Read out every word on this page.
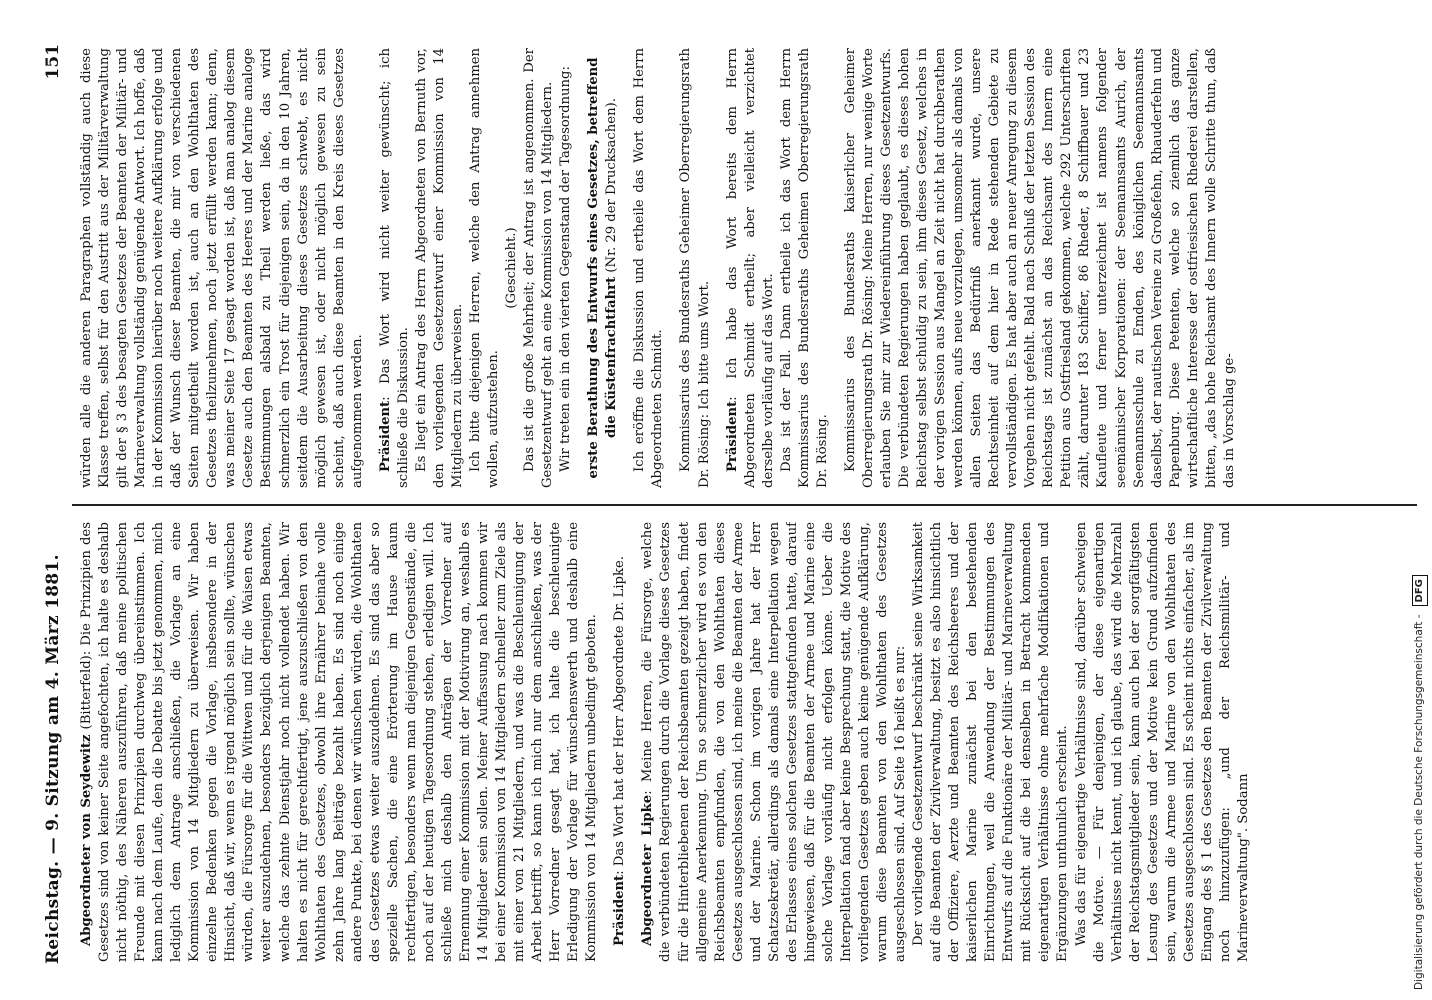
Reichstag. — 9. Sitzung am 4. März 1881.
151

Abgeordneter von Seydewitz (Bitterfeld): Die Prinzipien des Gesetzes sind von keiner Seite angefochten, ich halte es deshalb nicht nöthig, des Näheren auszuführen, daß meine politischen Freunde mit diesen Prinzipien durchweg übereinstimmen. Ich kann nach dem Laufe, den die Debatte bis jetzt genommen, mich lediglich dem Antrage anschließen, die Vorlage an eine Kommission von 14 Mitgliedern zu überweisen. Wir haben einzelne Bedenken gegen die Vorlage, insbesondere in der Hinsicht, daß wir, wenn es irgend möglich sein sollte, wünschen würden, die Fürsorge für die Wittwen und für die Waisen etwas weiter auszudehnen, besonders bezüglich derjenigen Beamten, welche das zehnte Dienstjahr noch nicht vollendet haben. Wir halten es nicht für gerechtfertigt, jene auszuschließen von den Wohlthaten des Gesetzes, obwohl ihre Ernährer beinahe volle zehn Jahre lang Beiträge bezahlt haben. Es sind noch einige andere Punkte, bei denen wir wünschen würden, die Wohlthaten des Gesetzes etwas weiter auszudehnen. Es sind das aber so spezielle Sachen, die eine Erörterung im Hause kaum rechtfertigen, besonders wenn man diejenigen Gegenstände, die noch auf der heutigen Tagesordnung stehen, erledigen will. Ich schließe mich deshalb den Anträgen der Vorredner auf Ernennung einer Kommission mit der Motivirung an, weshalb es 14 Mitglieder sein sollen. Meiner Auffassung nach kommen wir bei einer Kommission von 14 Mitgliedern schneller zum Ziele als mit einer von 21 Mitgliedern, und was die Beschleunigung der Arbeit betrifft, so kann ich mich nur dem anschließen, was der Herr Vorredner gesagt hat, ich halte die beschleunigte Erledigung der Vorlage für wünschenswerth und deshalb eine Kommission von 14 Mitgliedern unbedingt geboten. Präsident: Das Wort hat der Herr Abgeordnete Dr. Lipke. Abgeordneter Lipke: Meine Herren, die Fürsorge, welche die verbündeten Regierungen durch die Vorlage dieses Gesetzes für die Hinterbliebenen der Reichsbeamten gezeigt haben, findet allgemeine Anerkennung. Um so schmerzlicher wird es von den Reichsbeamten empfunden, die von den Wohlthaten dieses Gesetzes ausgeschlossen sind, ich meine die Beamten der Armee und der Marine. Schon im vorigen Jahre hat der Herr Schatzsekretär, allerdings als damals eine Interpellation wegen des Erlasses eines solchen Gesetzes stattgefunden hatte, darauf hingewiesen, daß für die Beamten der Armee und Marine eine solche Vorlage vorläufig nicht erfolgen könne. Ueber die Interpellation fand aber keine Besprechung statt, die Motive des vorliegenden Gesetzes geben auch keine genügende Aufklärung, warum diese Beamten von den Wohlthaten des Gesetzes ausgeschlossen sind. Auf Seite 16 heißt es nur: Der vorliegende Gesetzentwurf beschränkt seine Wirksamkeit auf die Beamten der Zivilverwaltung, besitzt es also hinsichtlich der Offiziere, Aerzte und Beamten des Reichsheeres und der kaiserlichen Marine zunächst bei den bestehenden Einrichtungen, weil die Anwendung der Bestimmungen des Entwurfs auf die Funktionäre der Militär- und Marineverwaltung mit Rücksicht auf die bei denselben in Betracht kommenden eigenartigen Verhältnisse ohne mehrfache Modifikationen und Ergänzungen unthunlich erscheint. Was das für eigenartige Verhältnisse sind, darüber schweigen die Motive. — Für denjenigen, der diese eigenartigen Verhältnisse nicht kennt, und ich glaube, das wird die Mehrzahl der Reichstagsmitglieder sein, kann auch bei der sorgfältigsten Lesung des Gesetzes und der Motive kein Grund aufzufinden sein, warum die Armee und Marine von den Wohlthaten des Gesetzes ausgeschlossen sind. Es scheint nichts einfacher, als im Eingang des § 1 des Gesetzes den Beamten der Zivilverwaltung noch hinzuzufügen: „und der Reichsmilitär- und Marineverwaltung". Sodann

würden alle die anderen Paragraphen vollständig auch diese Klasse treffen, selbst für den Austritt aus der Militärverwaltung gilt der § 3 des besagten Gesetzes der Beamten der Militär- und Marineverwaltung vollständig genügende Antwort. Ich hoffe, daß in der Kommission hierüber noch weitere Aufklärung erfolge und daß der Wunsch dieser Beamten, die mir von verschiedenen Seiten mitgetheilt worden ist, auch an den Wohlthaten des Gesetzes theilzunehmen, noch jetzt erfüllt werden kann; denn, was meiner Seite 17 gesagt worden ist, daß man analog diesem Gesetze auch den Beamten des Heeres und der Marine analoge Bestimmungen alsbald zu Theil werden ließe, das wird schmerzlich ein Trost für diejenigen sein, da in den 10 Jahren, seitdem die Ausarbeitung dieses Gesetzes schwebt, es nicht möglich gewesen ist, oder nicht möglich gewesen zu sein scheint, daß auch diese Beamten in den Kreis dieses Gesetzes aufgenommen werden. Präsident: Das Wort wird nicht weiter gewünscht; ich schließe die Diskussion. Es liegt ein Antrag des Herrn Abgeordneten von Bernuth vor, den vorliegenden Gesetzentwurf einer Kommission von 14 Mitgliedern zu überweisen. Ich bitte diejenigen Herren, welche den Antrag annehmen wollen, aufzustehen.

(Geschieht.) Das ist die große Mehrheit; der Antrag ist angenommen. Der Gesetzentwurf geht an eine Kommission von 14 Mitgliedern. Wir treten ein in den vierten Gegenstand der Tagesordnung: erste Berathung des Entwurfs eines Gesetzes, betreffend die Küstenfrachtfahrt (Nr. 29 der Drucksachen). Ich eröffne die Diskussion und ertheile das Wort dem Herrn Abgeordneten Schmidt. Kommissarius des Bundesraths Geheimer Oberregierungsrath Dr. Rösing: Ich bitte ums Wort. Präsident: Ich habe das Wort bereits dem Herrn Abgeordneten Schmidt ertheilt; aber vielleicht verzichtet derselbe vorläufig auf das Wort. Das ist der Fall. Dann ertheile ich das Wort dem Herrn Kommissarius des Bundesraths Geheimen Oberregierungsrath Dr. Rösing. Kommissarius des Bundesraths kaiserlicher Geheimer Oberregierungsrath Dr. Rösing: Meine Herren, nur wenige Worte erlauben Sie mir zur Wiedereinführung dieses Gesetzentwurfs. Die verbündeten Regierungen haben geglaubt, es dieses hohen Reichstag selbst schuldig zu sein, ihm dieses Gesetz, welches in der vorigen Session aus Mangel an Zeit nicht hat durchberathen werden können, aufs neue vorzulegen, umsomehr als damals von allen Seiten das Bedürfniß anerkannt wurde, unsere Rechtseinheit auf dem hier in Rede stehenden Gebiete zu vervollständigen. Es hat aber auch an neuer Anregung zu diesem Vorgehen nicht gefehlt. Bald nach Schluß der letzten Session des Reichstags ist zunächst an das Reichsamt des Innern eine Petition aus Ostfriesland gekommen, welche 292 Unterschriften zählt, darunter 183 Schiffer, 86 Rheder, 8 Schiffbauer und 23 Kaufleute und ferner unterzeichnet ist namens folgender seemännischer Korporationen: der Seemannsamts Aurich, der Seemannsschule zu Emden, des königlichen Seemannsamts daselbst, der nautischen Vereine zu Großefehn, Rhauderfehn und Papenburg. Diese Petenten, welche so ziemlich das ganze wirtschaftliche Interesse der ostfriesischen Rhederei darstellen, bitten, „das hohe Reichsamt des Innern wolle Schritte thun, daß das in Vorschlag ge-

Digitalisierung gefördert durch die Deutsche Forschungsgemeinschaft -DFG
